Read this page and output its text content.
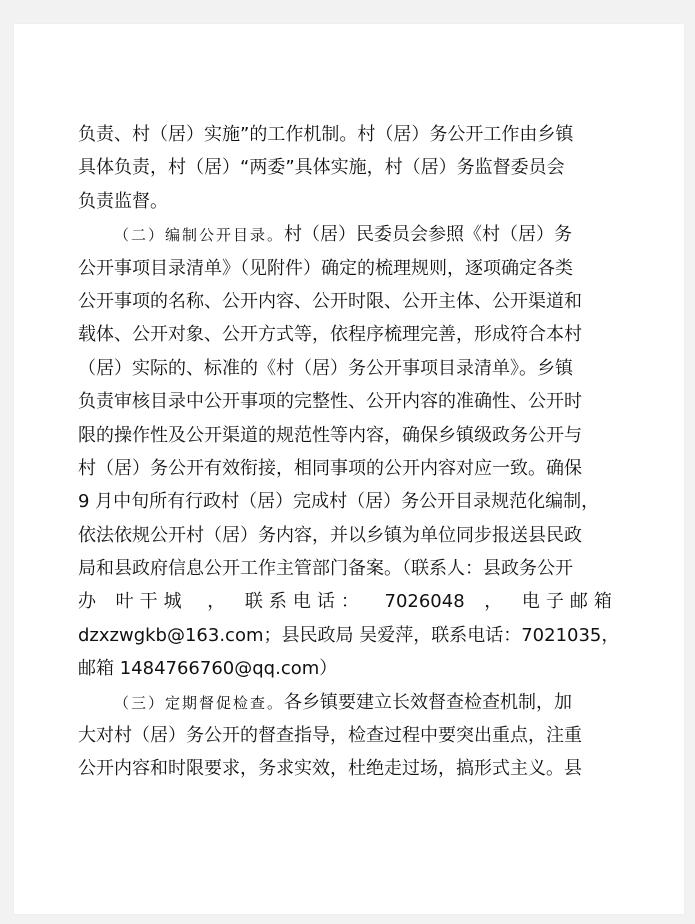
负责、村（居）实施”的工作机制。村（居）务公开工作由乡镇
具体负责，村（居）“两委”具体实施，村（居）务监督委员会
负责监督。
（二）编制公开目录。村（居）民委员会参照《村（居）务
公开事项目录清单》（见附件）确定的梳理规则，逐项确定各类
公开事项的名称、公开内容、公开时限、公开主体、公开渠道和
载体、公开对象、公开方式等，依程序梳理完善，形成符合本村
（居）实际的、标准的《村（居）务公开事项目录清单》。乡镇
负责审核目录中公开事项的完整性、公开内容的准确性、公开时
限的操作性及公开渠道的规范性等内容，确保乡镇级政务公开与
村（居）务公开有效衔接，相同事项的公开内容对应一致。确保
9 月中旬所有行政村（居）完成村（居）务公开目录规范化编制，
依法依规公开村（居）务内容，并以乡镇为单位同步报送县民政
局和县政府信息公开工作主管部门备案。（联系人：县政务公开
办 叶干城 ， 联系电话： 7026048 ， 电子邮箱
dzxzwgkb@163.com；县民政局 吴爱萍，联系电话：7021035，
邮箱 1484766760@qq.com）
（三）定期督促检查。各乡镇要建立长效督查检查机制，加
大对村（居）务公开的督查指导，检查过程中要突出重点，注重
公开内容和时限要求，务求实效，杜绝走过场，搞形式主义。县
